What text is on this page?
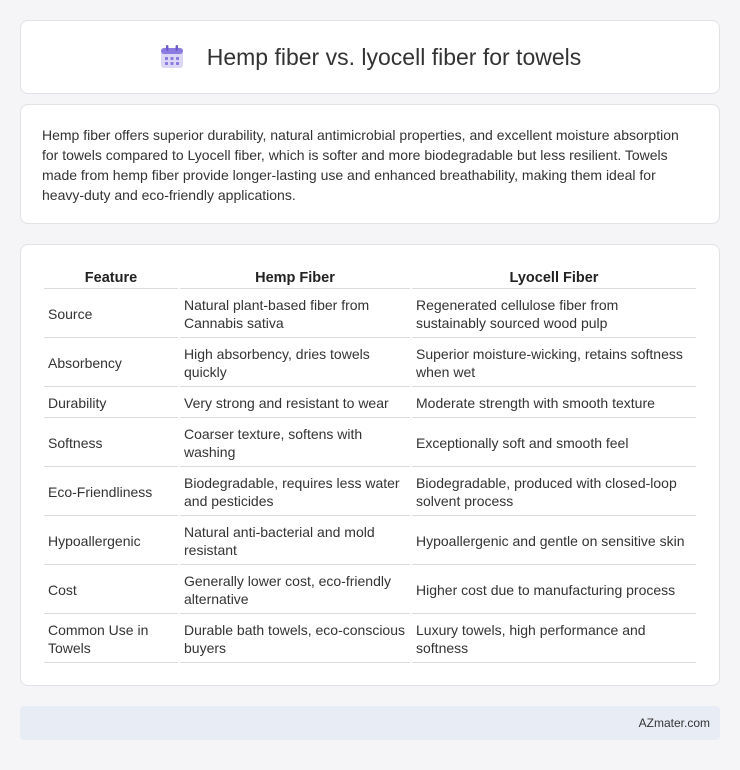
Hemp fiber vs. lyocell fiber for towels

Hemp fiber offers superior durability, natural antimicrobial properties, and excellent moisture absorption for towels compared to Lyocell fiber, which is softer and more biodegradable but less resilient. Towels made from hemp fiber provide longer-lasting use and enhanced breathability, making them ideal for heavy-duty and eco-friendly applications.

Feature	Hemp Fiber	Lyocell Fiber
Source	Natural plant-based fiber from Cannabis sativa	Regenerated cellulose fiber from sustainably sourced wood pulp
Absorbency	High absorbency, dries towels quickly	Superior moisture-wicking, retains softness when wet
Durability	Very strong and resistant to wear	Moderate strength with smooth texture
Softness	Coarser texture, softens with washing	Exceptionally soft and smooth feel
Eco-Friendliness	Biodegradable, requires less water and pesticides	Biodegradable, produced with closed-loop solvent process
Hypoallergenic	Natural anti-bacterial and mold resistant	Hypoallergenic and gentle on sensitive skin
Cost	Generally lower cost, eco-friendly alternative	Higher cost due to manufacturing process
Common Use in Towels	Durable bath towels, eco-conscious buyers	Luxury towels, high performance and softness
AZmater.com
